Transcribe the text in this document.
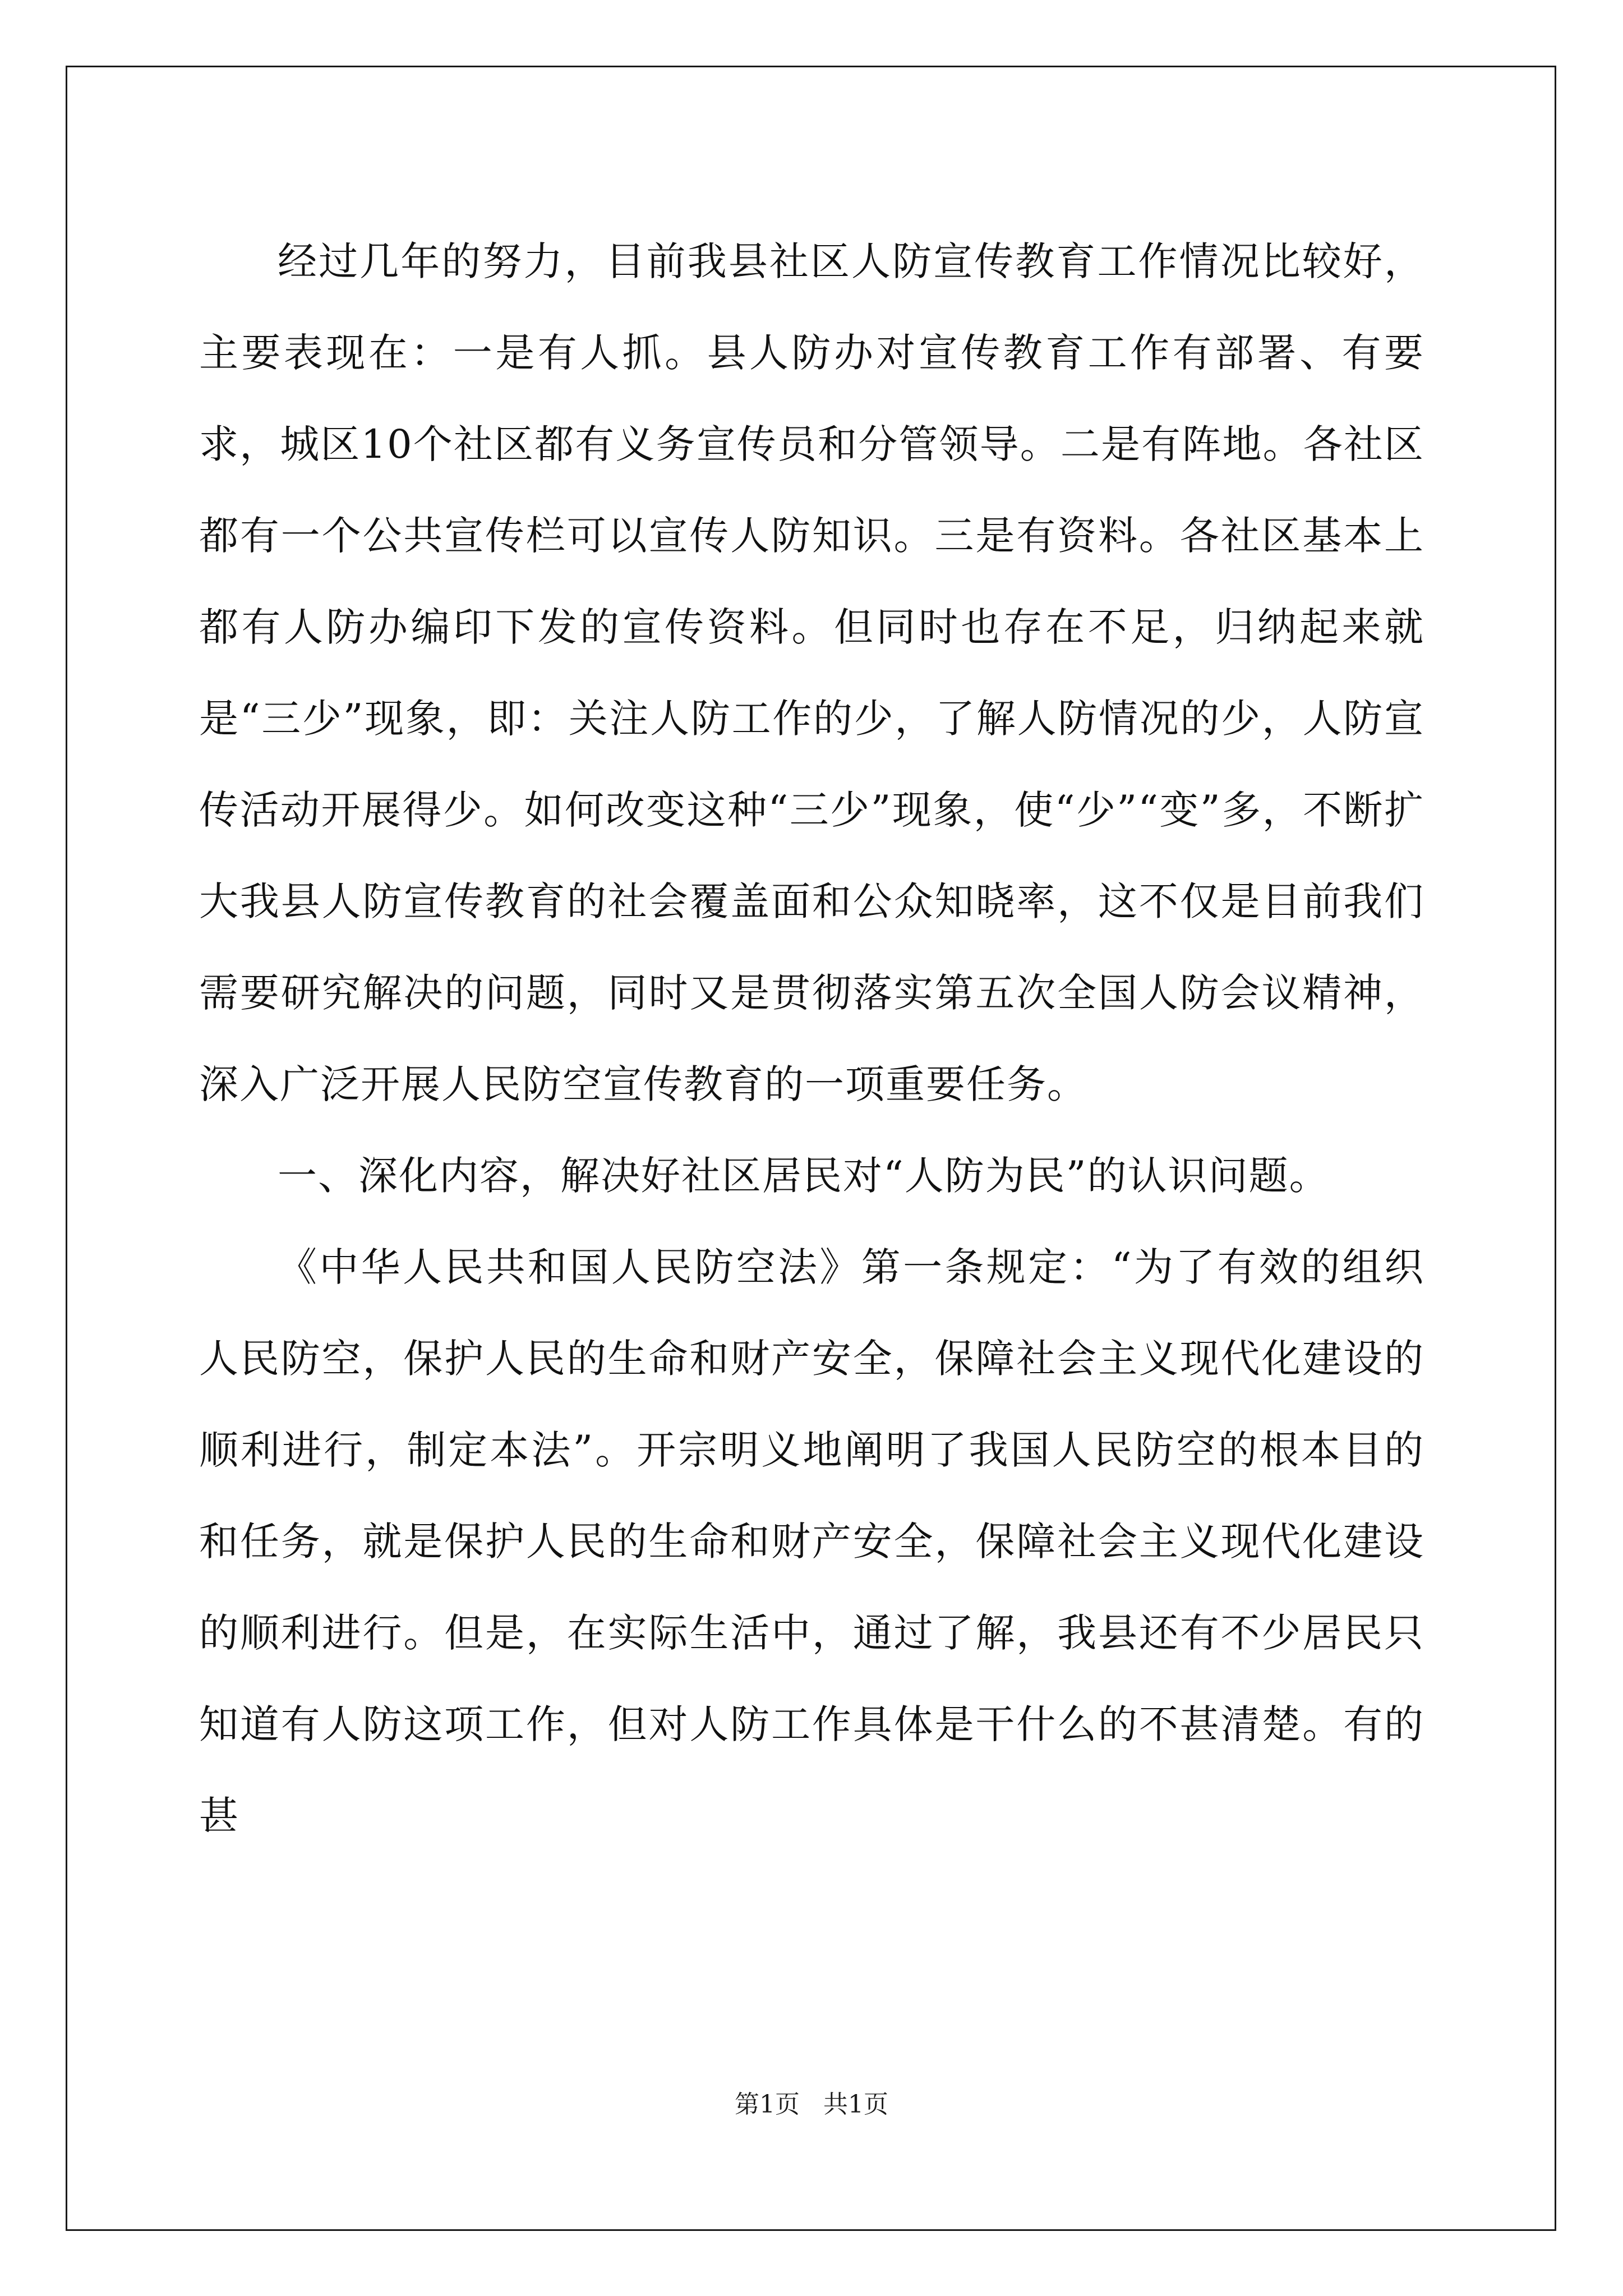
经过几年的努力，目前我县社区人防宣传教育工作情况比较好，主要表现在：一是有人抓。县人防办对宣传教育工作有部署、有要求，城区10个社区都有义务宣传员和分管领导。二是有阵地。各社区都有一个公共宣传栏可以宣传人防知识。三是有资料。各社区基本上都有人防办编印下发的宣传资料。但同时也存在不足，归纳起来就是“三少”现象，即：关注人防工作的少，了解人防情况的少，人防宣传活动开展得少。如何改变这种“三少”现象，使“少”“变”多，不断扩大我县人防宣传教育的社会覆盖面和公众知晓率，这不仅是目前我们需要研究解决的问题，同时又是贯彻落实第五次全国人防会议精神，深入广泛开展人民防空宣传教育的一项重要任务。

一、深化内容，解决好社区居民对“人防为民”的认识问题。

《中华人民共和国人民防空法》第一条规定：“为了有效的组织人民防空，保护人民的生命和财产安全，保障社会主义现代化建设的顺利进行，制定本法”。开宗明义地阐明了我国人民防空的根本目的和任务，就是保护人民的生命和财产安全，保障社会主义现代化建设的顺利进行。但是，在实际生活中，通过了解，我县还有不少居民只知道有人防这项工作，但对人防工作具体是干什么的不甚清楚。有的甚

第1页   共1页
